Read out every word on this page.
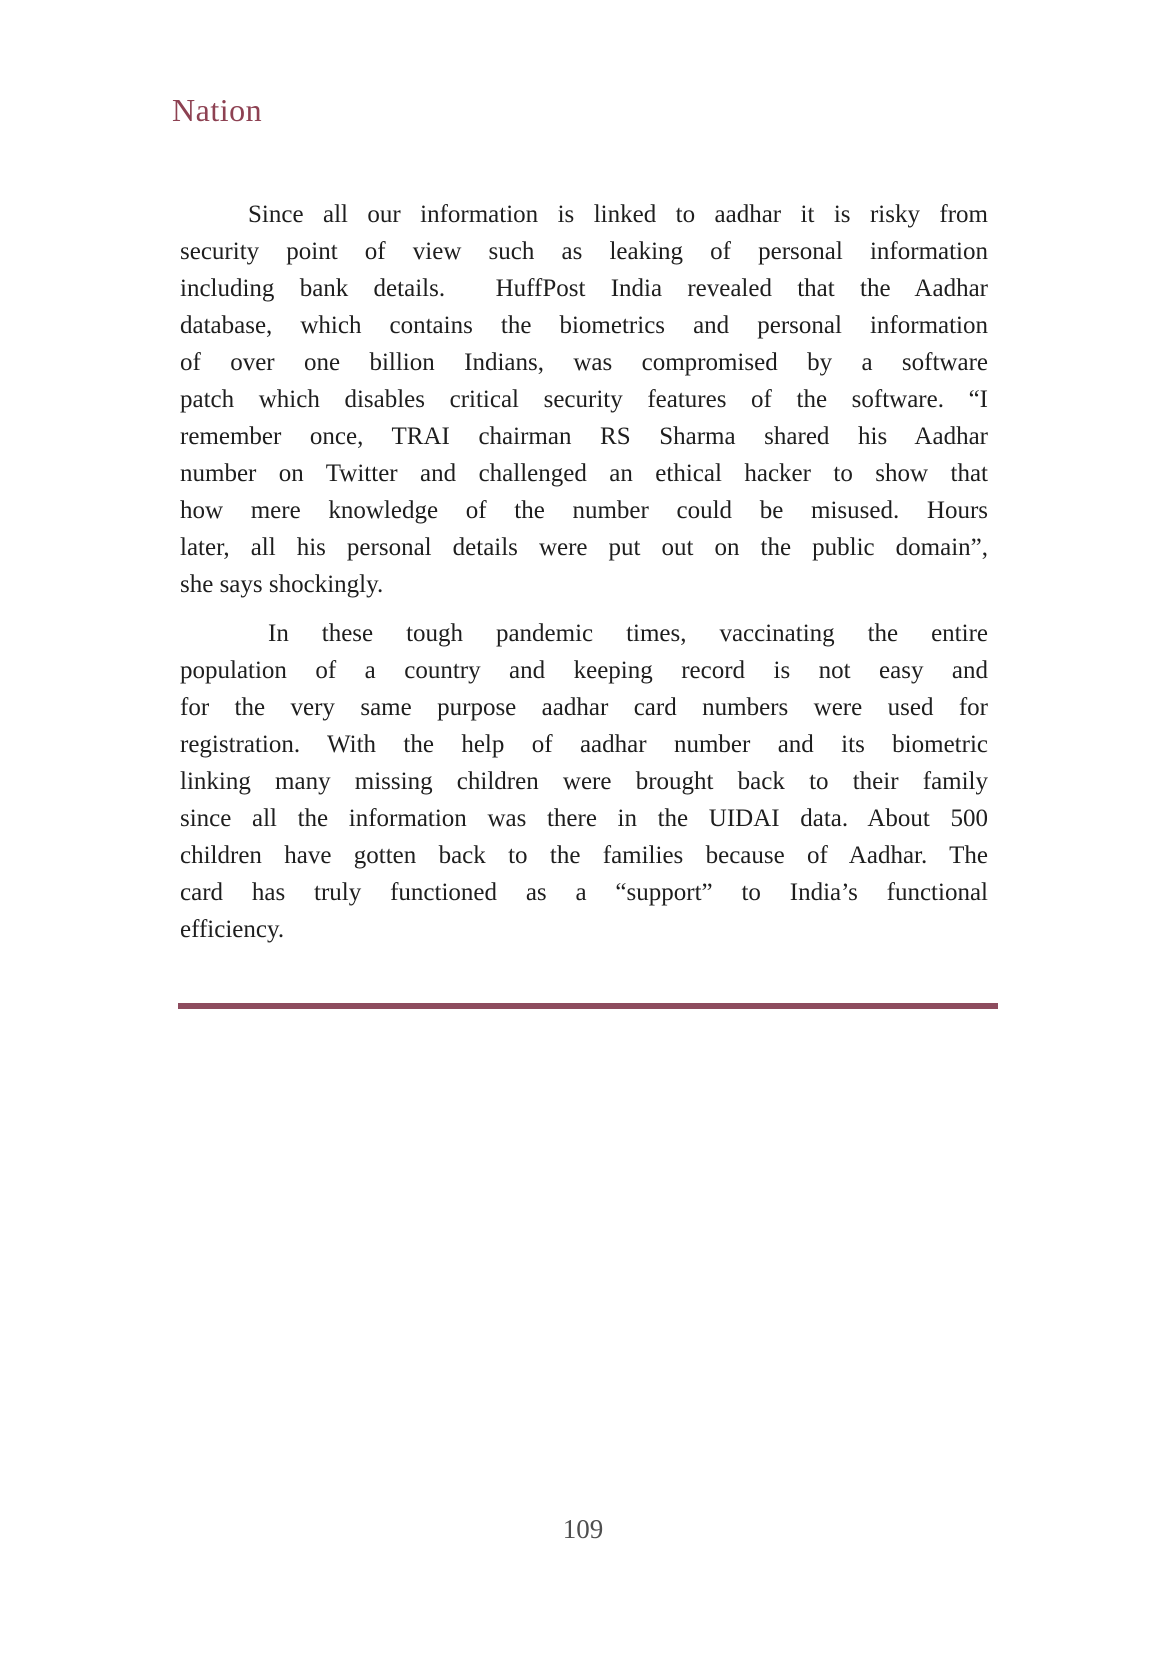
Nation
Since all our information is linked to aadhar it is risky from
security point of view such as leaking of personal information
including bank details.  HuffPost India revealed that the Aadhar
database, which contains the biometrics and personal information
of over one billion Indians, was compromised by a software
patch which disables critical security features of the software. “I
remember once, TRAI chairman RS Sharma shared his Aadhar
number on Twitter and challenged an ethical hacker to show that
how mere knowledge of the number could be misused. Hours
later, all his personal details were put out on the public domain”,
she says shockingly.
In these tough pandemic times, vaccinating the entire
population of a country and keeping record is not easy and
for the very same purpose aadhar card numbers were used for
registration. With the help of aadhar number and its biometric
linking many missing children were brought back to their family
since all the information was there in the UIDAI data. About 500
children have gotten back to the families because of Aadhar. The
card has truly functioned as a “support” to India’s functional
efficiency.
109
